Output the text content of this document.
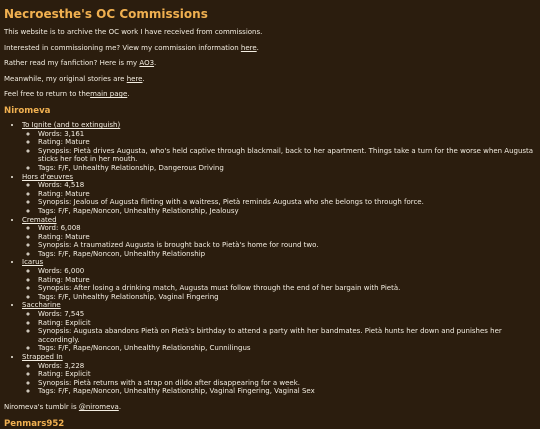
Necroesthe's OC Commissions

This website is to archive the OC work I have received from commissions.

Interested in commissioning me? View my commission information here.

Rather read my fanfiction? Here is my AO3.

Meanwhile, my original stories are here.

Feel free to return to themain page.

Niromeva
• To Ignite (and to extinguish)
◦ Words: 3,161
◦ Rating: Mature
◦ Synopsis: Pietà drives Augusta, who's held captive through blackmail, back to her apartment. Things take a turn for the worse when Augusta sticks her foot in her mouth.
◦ Tags: F/F, Unhealthy Relationship, Dangerous Driving
• Hors d'œuvres
◦ Words: 4,518
◦ Rating: Mature
◦ Synopsis: Jealous of Augusta flirting with a waitress, Pietà reminds Augusta who she belongs to through force.
◦ Tags: F/F, Rape/Noncon, Unhealthy Relationship, Jealousy
• Cremated
◦ Word: 6,008
◦ Rating: Mature
◦ Synopsis: A traumatized Augusta is brought back to Pietà's home for round two.
◦ Tags: F/F, Rape/Noncon, Unhealthy Relationship
• Icarus
◦ Words: 6,000
◦ Rating: Mature
◦ Synopsis: After losing a drinking match, Augusta must follow through the end of her bargain with Pietà.
◦ Tags: F/F, Unhealthy Relationship, Vaginal Fingering
• Saccharine
◦ Words: 7,545
◦ Rating: Explicit
◦ Synopsis: Augusta abandons Pietà on Pietà's birthday to attend a party with her bandmates. Pietà hunts her down and punishes her accordingly.
◦ Tags: F/F, Rape/Noncon, Unhealthy Relationship, Cunnilingus
• Strapped In
◦ Words: 3,228
◦ Rating: Explicit
◦ Synopsis: Pietà returns with a strap on dildo after disappearing for a week.
◦ Tags: F/F, Rape/Noncon, Unhealthy Relationship, Vaginal Fingering, Vaginal Sex

Niromeva's tumblr is @niromeva.

Penmars952
